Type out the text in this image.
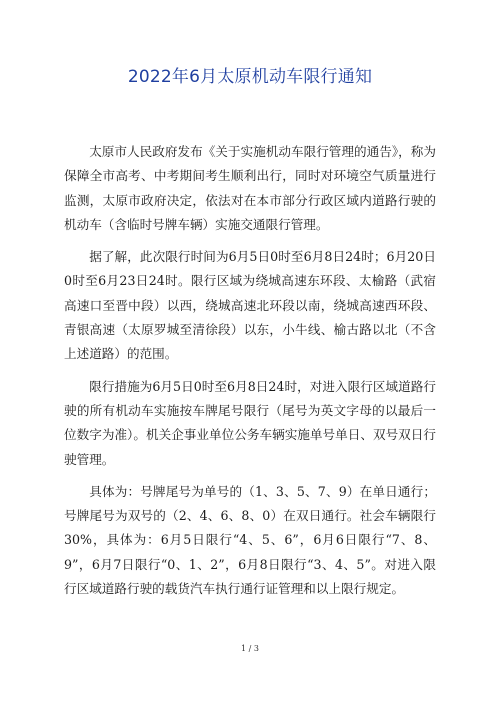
2022年6月太原机动车限行通知

太原市人民政府发布《关于实施机动车限行管理的通告》，称为保障全市高考、中考期间考生顺利出行，同时对环境空气质量进行监测，太原市政府决定，依法对在本市部分行政区域内道路行驶的机动车（含临时号牌车辆）实施交通限行管理。

据了解，此次限行时间为6月5日0时至6月8日24时；6月20日0时至6月23日24时。限行区域为绕城高速东环段、太榆路（武宿高速口至晋中段）以西，绕城高速北环段以南，绕城高速西环段、青银高速（太原罗城至清徐段）以东，小牛线、榆古路以北（不含上述道路）的范围。

限行措施为6月5日0时至6月8日24时，对进入限行区域道路行驶的所有机动车实施按车牌尾号限行（尾号为英文字母的以最后一位数字为准）。机关企事业单位公务车辆实施单号单日、双号双日行驶管理。

具体为：号牌尾号为单号的（1、3、5、7、9）在单日通行；号牌尾号为双号的（2、4、6、8、0）在双日通行。社会车辆限行30%，具体为：6月5日限行“4、5、6”，6月6日限行“7、8、9”，6月7日限行“0、1、2”，6月8日限行“3、4、5”。对进入限行区域道路行驶的载货汽车执行通行证管理和以上限行规定。

1 / 3
